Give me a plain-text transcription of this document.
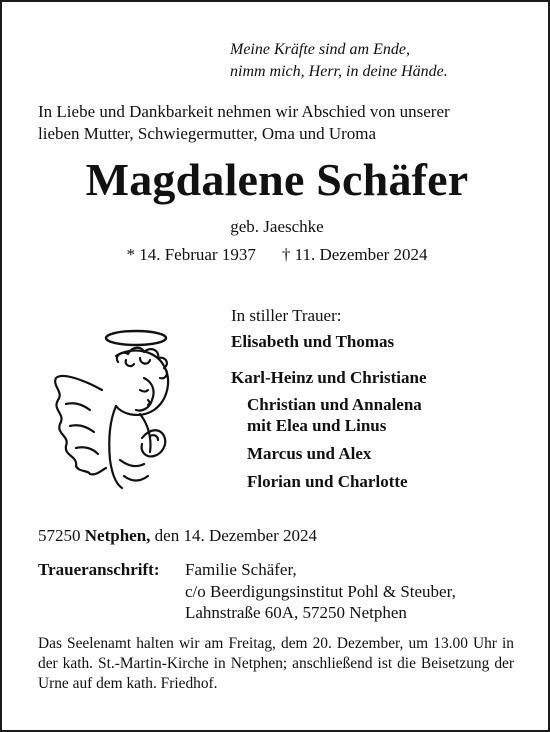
Meine Kräfte sind am Ende,
nimm mich, Herr, in deine Hände.
In Liebe und Dankbarkeit nehmen wir Abschied von unserer
lieben Mutter, Schwiegermutter, Oma und Uroma
Magdalene Schäfer
geb. Jaeschke
* 14. Februar 1937 † 11. Dezember 2024
In stiller Trauer:
Elisabeth und Thomas
Karl-Heinz und Christiane
Christian und Annalena
mit Elea und Linus
Marcus und Alex
Florian und Charlotte
57250 Netphen, den 14. Dezember 2024
Traueranschrift: Familie Schäfer,
c/o Beerdigungsinstitut Pohl & Steuber,
Lahnstraße 60A, 57250 Netphen
Das Seelenamt halten wir am Freitag, dem 20. Dezember, um 13.00 Uhr in der kath. St.-Martin-Kirche in Netphen; anschließend ist die Beisetzung der Urne auf dem kath. Friedhof.
